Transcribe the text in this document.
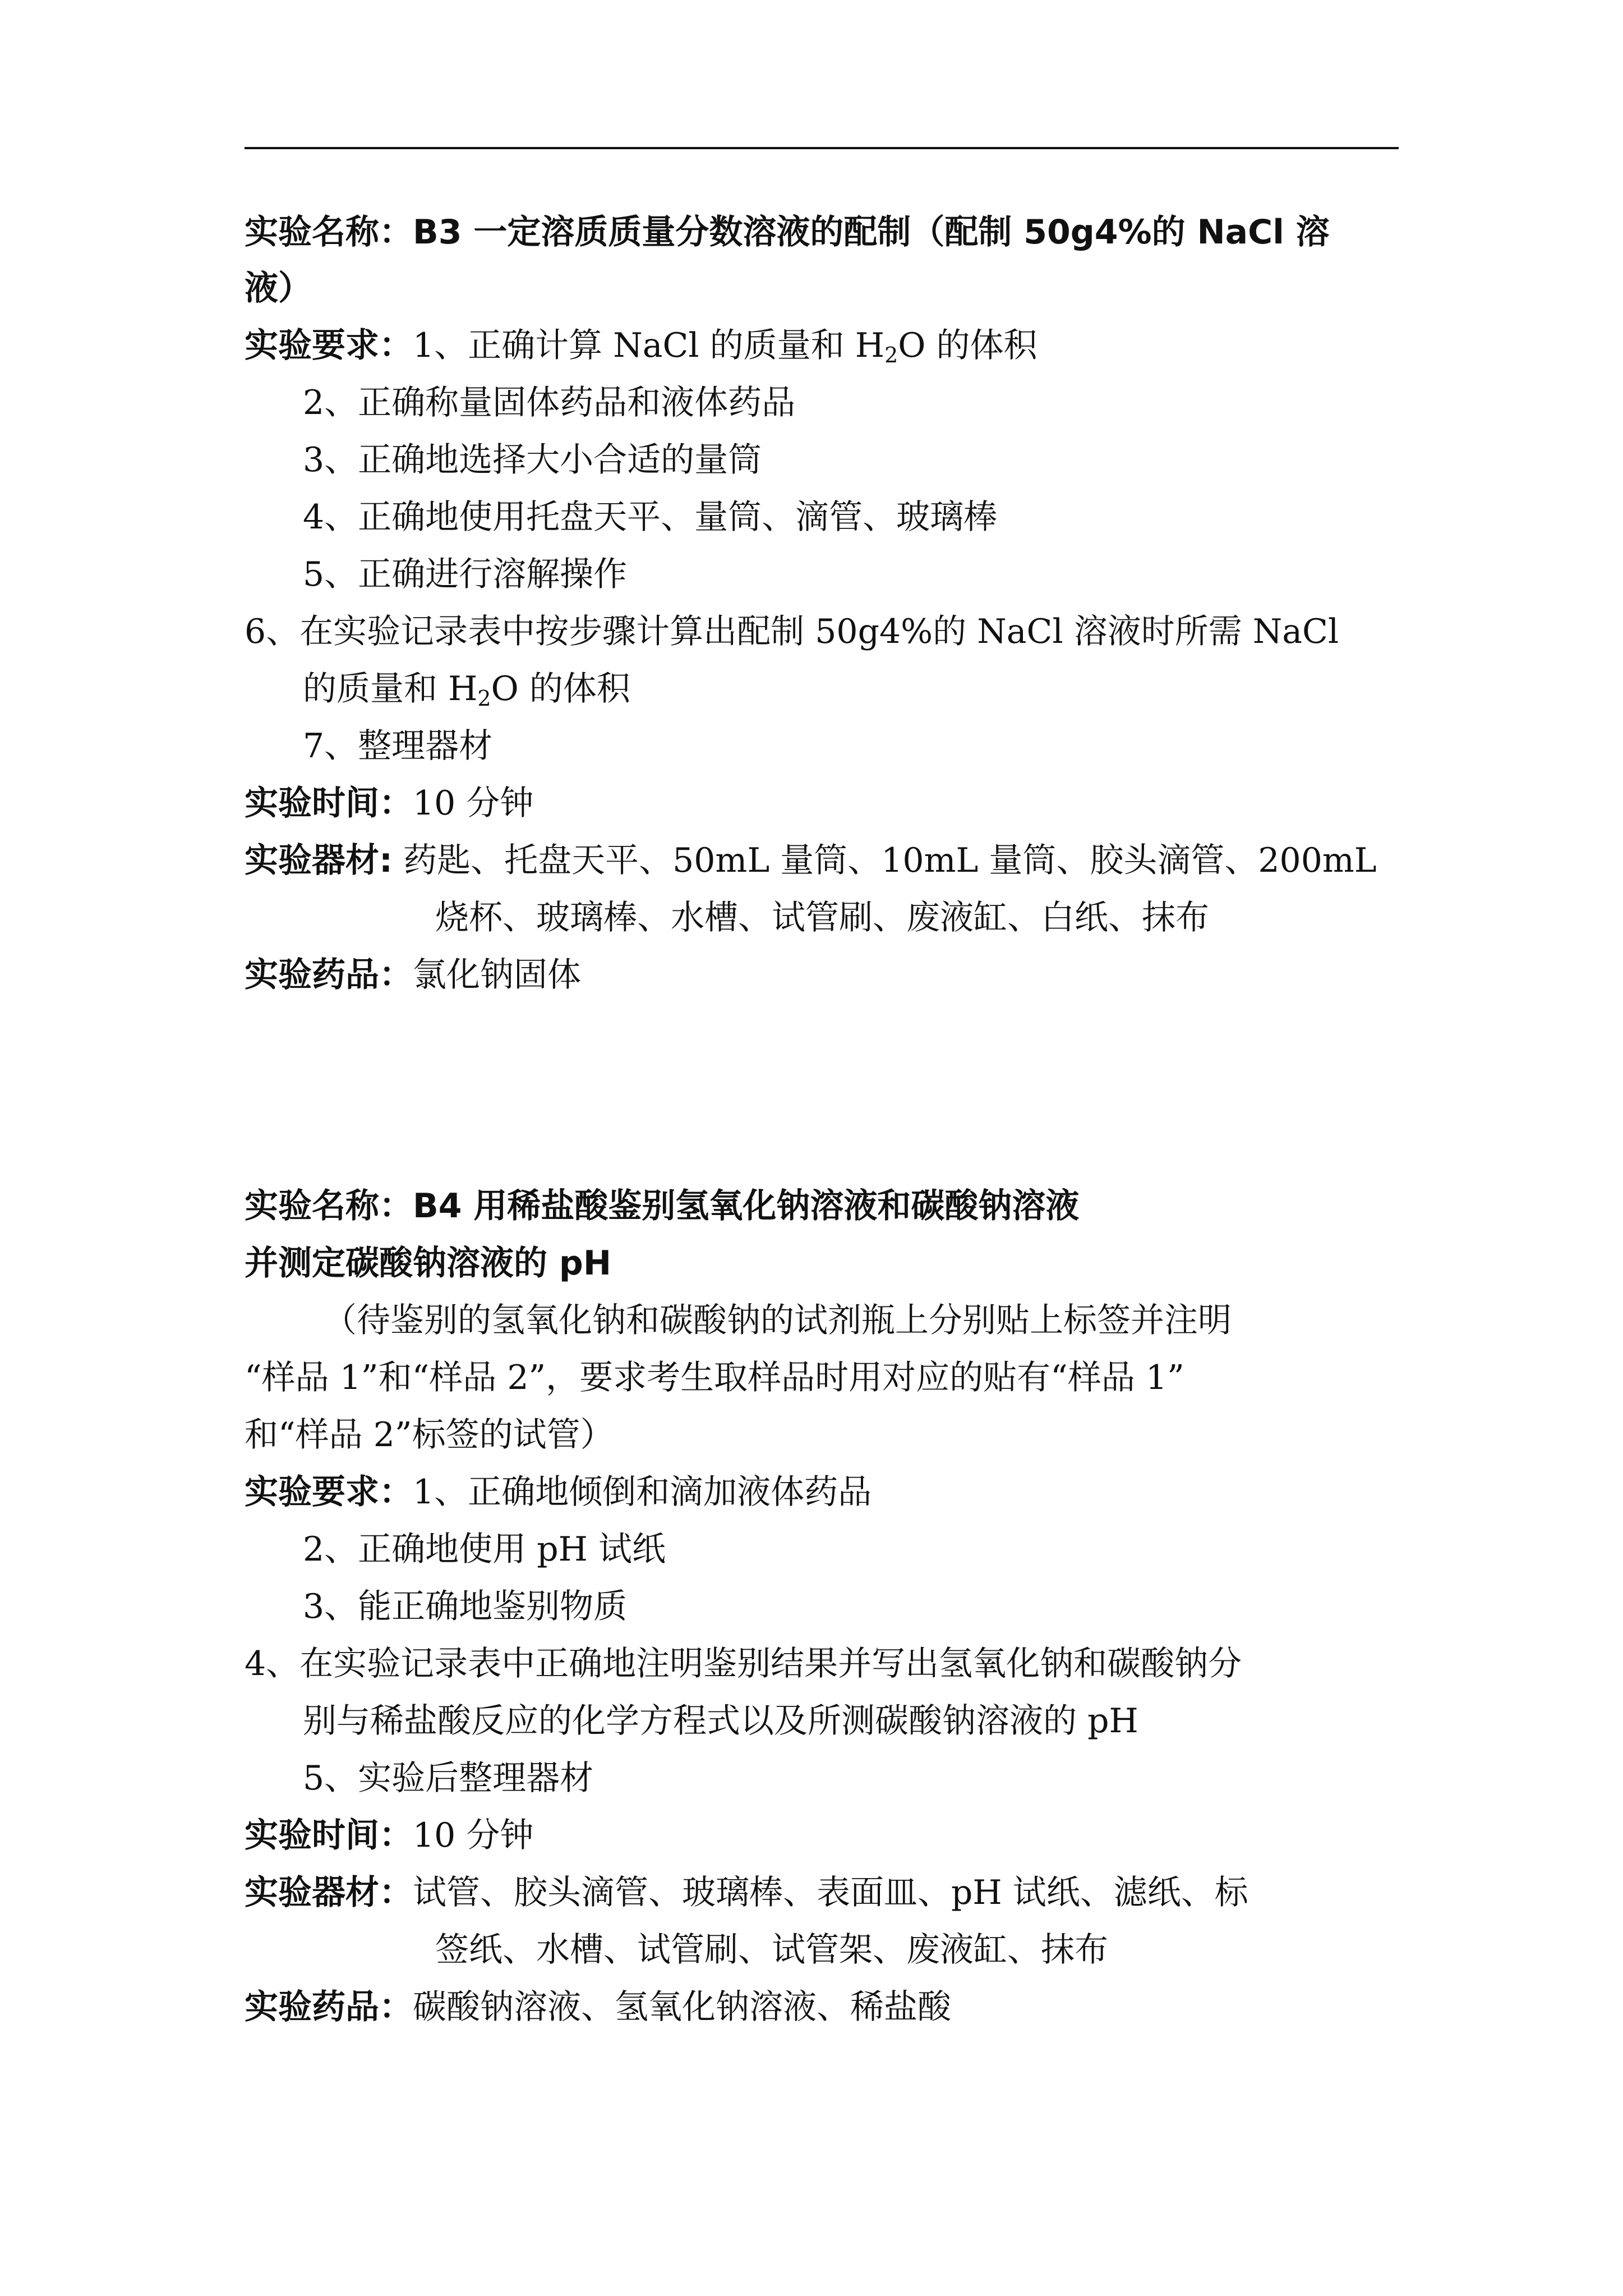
实验名称：B3 一定溶质质量分数溶液的配制（配制 50g4%的 NaCl 溶
液）
实验要求：1、正确计算 NaCl 的质量和 $H_2O$ 的体积
2、正确称量固体药品和液体药品
3、正确地选择大小合适的量筒
4、正确地使用托盘天平、量筒、滴管、玻璃棒
5、正确进行溶解操作
6、在实验记录表中按步骤计算出配制 50g4%的 NaCl 溶液时所需 NaCl
的质量和 $H_2O$ 的体积
7、整理器材
实验时间：10 分钟
实验器材: 药匙、托盘天平、50mL 量筒、10mL 量筒、胶头滴管、200mL
烧杯、玻璃棒、水槽、试管刷、废液缸、白纸、抹布
实验药品：氯化钠固体
实验名称：B4 用稀盐酸鉴别氢氧化钠溶液和碳酸钠溶液
并测定碳酸钠溶液的 pH
（待鉴别的氢氧化钠和碳酸钠的试剂瓶上分别贴上标签并注明
“样品 1”和“样品 2”，要求考生取样品时用对应的贴有“样品 1”
和“样品 2”标签的试管）
实验要求：1、正确地倾倒和滴加液体药品
2、正确地使用 pH 试纸
3、能正确地鉴别物质
4、在实验记录表中正确地注明鉴别结果并写出氢氧化钠和碳酸钠分
别与稀盐酸反应的化学方程式以及所测碳酸钠溶液的 pH
5、实验后整理器材
实验时间：10 分钟
实验器材：试管、胶头滴管、玻璃棒、表面皿、pH 试纸、滤纸、标
签纸、水槽、试管刷、试管架、废液缸、抹布
实验药品：碳酸钠溶液、氢氧化钠溶液、稀盐酸
